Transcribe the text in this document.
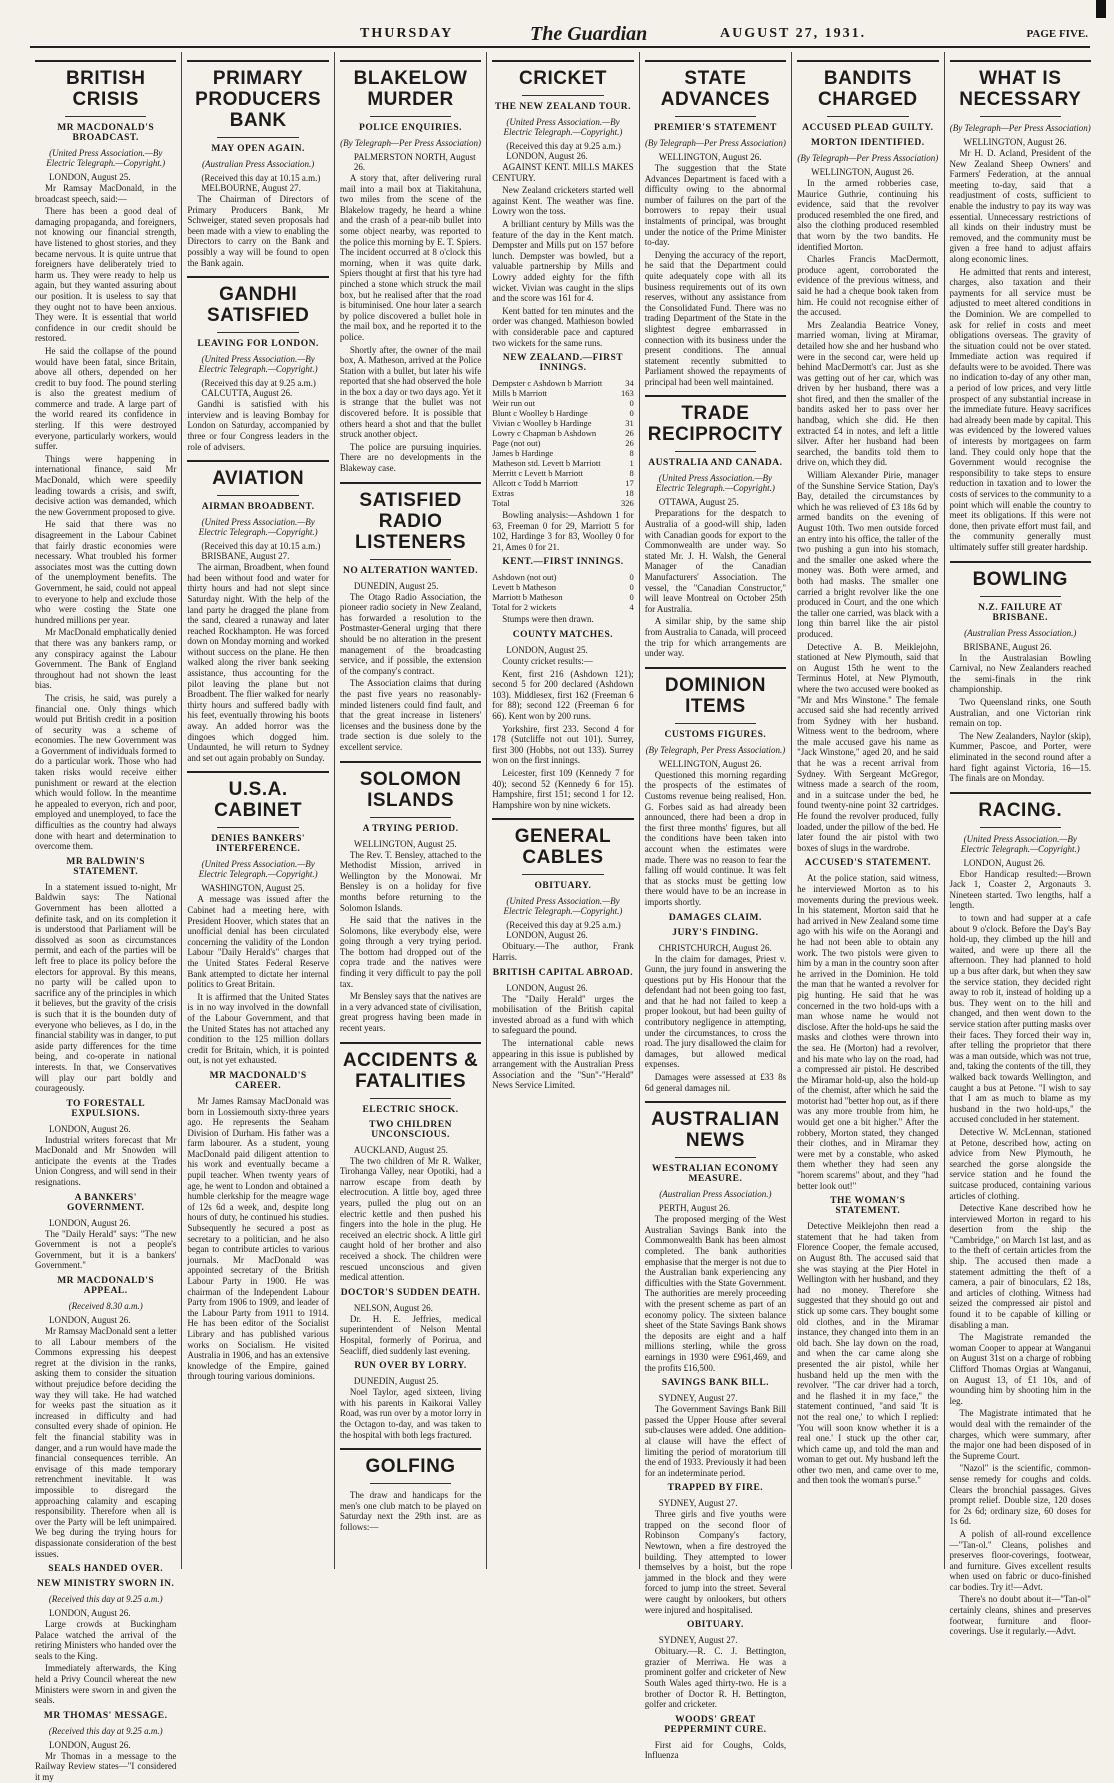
THURSDAY	The Guardian	AUGUST 27, 1931.	PAGE FIVE.
BRITISH CRISIS
MR MACDONALD'S BROADCAST.
(United Press Association.—By Electric Telegraph.—Copyright.)
LONDON, August 25.

Mr Ramsay MacDonald, in the broadcast speech, said:—

There has been a good deal of damaging propaganda, and foreigners, not knowing our financial strength, have listened to ghost stories, and they became nervous. It is quite untrue that foreigners have deliberately tried to harm us. They were ready to help us again, but they wanted assuring about our position. It is useless to say that they ought not to have been anxious. They were. It is essential that world confidence in our credit should be restored.

He said the collapse of the pound would have been fatal, since Britain, above all others, depended on her credit to buy food. The pound sterling is also the greatest medium of commerce and trade. A large part of the world reared its confidence in sterling. If this were destroyed everyone, particularly workers, would suffer.

Things were happening in international finance, said Mr MacDonald, which were speedily leading towards a crisis, and swift, decisive action was demanded, which the new Government proposed to give.

He said that there was no disagreement in the Labour Cabinet that fairly drastic economies were necessary. What troubled his former associates most was the cutting down of the unemployment benefits. The Government, he said, could not appeal to everyone to help and exclude those who were costing the State one hundred millions per year.

Mr MacDonald emphatically denied that there was any bankers ramp, or any conspiracy against the Labour Government. The Bank of England throughout had not shown the least bias.

The crisis, he said, was purely a financial one. Only things which would put British credit in a position of security was a scheme of economies. The new Government was a Government of individuals formed to do a particular work. Those who had taken risks would receive either punishment or reward at the election which would follow. In the meantime he appealed to everyon, rich and poor, employed and unemployed, to face the difficulties as the country had always done with heart and determination to overcome them.

MR BALDWIN'S STATEMENT.

In a statement issued to-night, Mr Baldwin says: The National Government has been allotted a definite task, and on its completion it is understood that Parliament will be dissolved as soon as circumstances permit, and each of the parties will be left free to place its policy before the electors for approval. By this means, no party will be called upon to sacrifice any of the principles in which it believes, but the gravity of the crisis is such that it is the bounden duty of everyone who believes, as I do, in the financial stability was in danger, to put aside party differences for the time being, and co-operate in national interests. In that, we Conservatives will play our part boldly and courageously.

TO FORESTALL EXPULSIONS.
LONDON, August 26.

Industrial writers forecast that Mr MacDonald and Mr Snowden will anticipate the events at the Trades Union Congress, and will send in their resignations.

A BANKERS' GOVERNMENT.
LONDON, August 26.

The "Daily Herald" says: "The new Government is not a people's Government, but it is a bankers' Government."

MR MACDONALD'S APPEAL.
(Received 8.30 a.m.)
LONDON, August 26.

Mr Ramsay MacDonald sent a letter to all Labour members of the Commons expressing his deepest regret at the division in the ranks, asking them to consider the situation without prejudice before deciding the way they will take. He had watched for weeks past the situation as it increased in difficulty and had consulted every shade of opinion. He felt the financial stability was in danger, and a run would have made the financial consequences terrible. An envisage of this made temporary retrenchment inevitable. It was impossible to disregard the approaching calamity and escaping responsibility. Therefore when all is over the Party will be left unimpaired. We beg during the trying hours for dispassionate consideration of the best issues.

SEALS HANDED OVER.
NEW MINISTRY SWORN IN.
(Received this day at 9.25 a.m.)
LONDON, August 26.

Large crowds at Buckingham Palace watched the arrival of the retiring Ministers who handed over the seals to the King.

Immediately afterwards, the King held a Privy Council whereat the new Ministers were sworn in and given the seals.

MR THOMAS' MESSAGE.
(Received this day at 9.25 a.m.)
LONDON, August 26.

Mr Thomas in a message to the Railway Review states—"I considered it my

PRIMARY PRODUCERS BANK
MAY OPEN AGAIN.
(Australian Press Association.)
(Received this day at 10.15 a.m.) MELBOURNE, August 27.

The Chairman of Directors of Primary Producers Bank, Mr Schweiger, stated seven proposals had been made with a view to enabling the Directors to carry on the Bank and possibly a way will be found to open the Bank again.

GANDHI SATISFIED
LEAVING FOR LONDON.
(United Press Association.—By Electric Telegraph.—Copyright.)
(Received this day at 9.25 a.m.) CALCUTTA, August 26.

Gandhi is satisfied with his interview and is leaving Bombay for London on Saturday, accompanied by three or four Congress leaders in the role of advisers.

AVIATION
AIRMAN BROADBENT.
(United Press Association.—By Electric Telegraph.—Copyright.)
(Received this day at 10.15 a.m.) BRISBANE, August 27.

The airman, Broadbent, when found had been without food and water for thirty hours and had not slept since Saturday night. With the help of the land party he dragged the plane from the sand, cleared a runaway and later reached Rockhampton. He was forced down on Monday morning and worked without success on the plane. He then walked along the river bank seeking assistance, thus accounting for the pilot leaving the plane but not Broadbent. The flier walked for nearly thirty hours and suffered badly with his feet, eventually throwing his boots away. An added horror was the dingoes which dogged him. Undaunted, he will return to Sydney and set out again probably on Sunday.

U.S.A. CABINET
DENIES BANKERS' INTERFERENCE.
(United Press Association.—By Electric Telegraph.—Copyright.)
WASHINGTON, August 25.

A message was issued after the Cabinet had a meeting here, with President Hoover, which states that an unofficial denial has been circulated concerning the validity of the London Labour "Daily Herald's" charges that the United States Federal Reserve Bank attempted to dictate her internal politics to Great Britain.

It is affirmed that the United States is in no way involved in the downfall of the Labour Government, and that the United States has not attached any condition to the 125 million dollars credit for Britain, which, it is pointed out, is not yet exhausted.

MR MACDONALD'S CAREER.

Mr James Ramsay MacDonald was born in Lossiemouth sixty-three years ago. He represents the Seaham Division of Durham. His father was a farm labourer. As a student, young MacDonald paid diligent attention to his work and eventually became a pupil teacher. When twenty years of age, he went to London and obtained a humble clerkship for the meagre wage of 12s 6d a week, and, despite long hours of duty, he continued his studies. Subsequently he secured a post as secretary to a politician, and he also began to contribute articles to various journals. Mr MacDonald was appointed secretary of the British Labour Party in 1900. He was chairman of the Independent Labour Party from 1906 to 1909, and leader of the Labour Party from 1911 to 1914. He has been editor of the Socialist Library and has published various works on Socialism. He visited Australia in 1906, and has an extensive knowledge of the Empire, gained through touring various dominions.

BLAKELOW MURDER
POLICE ENQUIRIES.
(By Telegraph—Per Press Association)
PALMERSTON NORTH, August 26.

A story that, after delivering rural mail into a mail box at Tiakitahuna, two miles from the scene of the Blakelow tragedy, he heard a whine and the crash of a pear-nib bullet into some object nearby, was reported to the police this morning by E. T. Spiers. The incident occurred at 8 o'clock this morning, when it was quite dark. Spiers thought at first that his tyre had pinched a stone which struck the mail box, but he realised after that the road is bituminised. One hour later a search by police discovered a bullet hole in the mail box, and he reported it to the police.

Shortly after, the owner of the mail box, A. Matheson, arrived at the Police Station with a bullet, but later his wife reported that she had observed the hole in the box a day or two days ago. Yet it is strange that the bullet was not discovered before. It is possible that others heard a shot and that the bullet struck another object.

The police are pursuing inquiries. There are no developments in the Blakeway case.

SATISFIED RADIO LISTENERS
NO ALTERATION WANTED.
DUNEDIN, August 25.

The Otago Radio Association, the pioneer radio society in New Zealand, has forwarded a resolution to the Postmaster-General urging that there should be no alteration in the present management of the broadcasting service, and if possible, the extension of the company's contract.

The Association claims that during the past five years no reasonably-minded listeners could find fault, and that the great increase in listeners' licenses and the business done by the trade section is due solely to the excellent service.

SOLOMON ISLANDS
A TRYING PERIOD.
WELLINGTON, August 25.

The Rev. T. Bensley, attached to the Methodist Mission, arrived in Wellington by the Monowai. Mr Bensley is on a holiday for five months before returning to the Solomon Islands.

He said that the natives in the Solomons, like everybody else, were going through a very trying period. The bottom had dropped out of the copra trade and the natives were finding it very difficult to pay the poll tax.

Mr Bensley says that the natives are in a very advanced state of civilisation, great progress having been made in recent years.

ACCIDENTS & FATALITIES
ELECTRIC SHOCK.
TWO CHILDREN UNCONSCIOUS.
AUCKLAND, August 25.

The two children of Mr R. Walker, Tirohanga Valley, near Opotiki, had a narrow escape from death by electrocution. A little boy, aged three years, pulled the plug out on an electric kettle and then pushed his fingers into the hole in the plug. He received an electric shock. A little girl caught hold of her brother and also received a shock. The children were rescued unconscious and given medical attention.

DOCTOR'S SUDDEN DEATH.
NELSON, August 26.

Dr. H. E. Jeffries, medical superintendent of Nelson Mental Hospital, formerly of Porirua, and Seacliff, died suddenly last evening.

RUN OVER BY LORRY.
DUNEDIN, August 25.

Noel Taylor, aged sixteen, living with his parents in Kaikorai Valley Road, was run over by a motor lorry in the Octagon to-day, and was taken to the hospital with both legs fractured.

GOLFING

The draw and handicaps for the men's one club match to be played on Saturday next the 29th inst. are as follows:—

CRICKET
THE NEW ZEALAND TOUR.
(United Press Association.—By Electric Telegraph.—Copyright.)
(Received this day at 9.25 a.m.) LONDON, August 26.

AGAINST KENT. MILLS MAKES CENTURY.

New Zealand cricketers started well against Kent. The weather was fine. Lowry won the toss.

A brilliant century by Mills was the feature of the day in the Kent match. Dempster and Mills put on 157 before lunch. Dempster was bowled, but a valuable partnership by Mills and Lowry added eighty for the fifth wicket. Vivian was caught in the slips and the score was 161 for 4.

Kent batted for ten minutes and the order was changed. Mathieson bowled with considerable pace and captured two wickets for the same runs.

NEW ZEALAND.—FIRST INNINGS.
Dempster c Ashdown b Marriott	34
Mills b Marriott	163
Weir run out	0
Blunt c Woolley b Hardinge	0
Vivian c Woolley b Hardinge	31
Lowry c Chapman b Ashdown	26
Page (not out)	26
James b Hardinge	8
Matheson std. Levett b Marriott	1
Merritt c Levett b Marriott	8
Allcott c Todd b Marriott	17
Extras	18
Total	326

Bowling analysis:—Ashdown 1 for 63, Freeman 0 for 29, Marriott 5 for 102, Hardinge 3 for 83, Woolley 0 for 21, Ames 0 for 21.

KENT.—FIRST INNINGS.
Ashdown (not out)	0
Levett b Matheson	0
Marriott b Matheson	0
Total for 2 wickets	4

Stumps were then drawn.

COUNTY MATCHES.
LONDON, August 25.

County cricket results:—

Kent, first 216 (Ashdown 121); second 5 for 200 declared (Ashdown 103). Middlesex, first 162 (Freeman 6 for 88); second 122 (Freeman 6 for 66). Kent won by 200 runs.

Yorkshire, first 233. Second 4 for 178 (Sutcliffe not out 101). Surrey, first 300 (Hobbs, not out 133). Surrey won on the first innings.

Leicester, first 109 (Kennedy 7 for 40); second 52 (Kennedy 6 for 15). Hampshire, first 151; second 1 for 12. Hampshire won by nine wickets.

GENERAL CABLES
OBITUARY.
(United Press Association.—By Electric Telegraph.—Copyright.)
(Received this day at 9.25 a.m.) LONDON, August 26.

Obituary.—The author, Frank Harris.

BRITISH CAPITAL ABROAD.
LONDON, August 26.

The "Daily Herald" urges the mobilisation of the British capital invested abroad as a fund with which to safeguard the pound.

The international cable news appearing in this issue is published by arrangement with the Australian Press Association and the "Sun"-"Herald" News Service Limited.

STATE ADVANCES
PREMIER'S STATEMENT
(By Telegraph—Per Press Association)
WELLINGTON, August 26.

The suggestion that the State Advances Department is faced with a difficulty owing to the abnormal number of failures on the part of the borrowers to repay their usual instalments of principal, was brought under the notice of the Prime Minister to-day.

Denying the accuracy of the report, he said that the Department could quite adequately cope with all its business requirements out of its own reserves, without any assistance from the Consolidated Fund. There was no trading Department of the State in the slightest degree embarrassed in connection with its business under the present conditions. The annual statement recently submitted to Parliament showed the repayments of principal had been well maintained.

TRADE RECIPROCITY
AUSTRALIA AND CANADA.
(United Press Association.—By Electric Telegraph.—Copyright.)
OTTAWA, August 25.

Preparations for the despatch to Australia of a good-will ship, laden with Canadian goods for export to the Commonwealth are under way. So stated Mr. J. H. Walsh, the General Manager of the Canadian Manufacturers' Association. The vessel, the "Canadian Constructor," will leave Montreal on October 25th for Australia.

A similar ship, by the same ship from Australia to Canada, will proceed the trip for which arrangements are under way.

DOMINION ITEMS
CUSTOMS FIGURES.
(By Telegraph, Per Press Association.)
WELLINGTON, August 26.

Questioned this morning regarding the prospects of the estimates of Customs revenue being realised, Hon. G. Forbes said as had already been announced, there had been a drop in the first three months' figures, but all the conditions have been taken into account when the estimates were made. There was no reason to fear the falling off would continue. It was felt that as stocks must be getting low there would have to be an increase in imports shortly.

DAMAGES CLAIM.
JURY'S FINDING.
CHRISTCHURCH, August 26.

In the claim for damages, Priest v. Gunn, the jury found in answering the questions put by His Honour that the defendant had not been going too fast, and that he had not failed to keep a proper lookout, but had been guilty of contributory negligence in attempting, under the circumstances, to cross the road. The jury disallowed the claim for damages, but allowed medical expenses.

Damages were assessed at £33 8s 6d general damages nil.

AUSTRALIAN NEWS
WESTRALIAN ECONOMY MEASURE.
(Australian Press Association.)
PERTH, August 26.

The proposed merging of the West Australian Savings Bank into the Commonwealth Bank has been almost completed. The bank authorities emphasise that the merger is not due to the Australian bank experiencing any difficulties with the State Government. The authorities are merely proceeding with the present scheme as part of an economy policy. The sixteen balance sheet of the State Savings Bank shows the deposits are eight and a half millions sterling, while the gross earnings in 1930 were £961,469, and the profits £16,500.

SAVINGS BANK BILL.
SYDNEY, August 27.

The Government Savings Bank Bill passed the Upper House after several sub-clauses were added. One addition-al clause will have the effect of limiting the period of moratorium till the end of 1933. Previously it had been for an indeterminate period.

TRAPPED BY FIRE.
SYDNEY, August 27.

Three girls and five youths were trapped on the second floor of Robinson Company's factory, Newtown, when a fire destroyed the building. They attempted to lower themselves by a hoist, but the rope jammed in the block and they were forced to jump into the street. Several were caught by onlookers, but others were injured and hospitalised.

OBITUARY.
SYDNEY, August 27.

Obituary.—R. C. J. Bettington, grazier of Merriwa. He was a prominent golfer and cricketer of New South Wales aged thirty-two. He is a brother of Doctor R. H. Bettington, golfer and cricketer.

WOODS' GREAT PEPPERMINT CURE.

First aid for Coughs, Colds, Influenza

BANDITS CHARGED
ACCUSED PLEAD GUILTY.
MORTON IDENTIFIED.
(By Telegraph—Per Press Association)
WELLINGTON, August 26.

In the armed robberies case, Maurice Guthrie, continuing his evidence, said that the revolver produced resembled the one fired, and also the clothing produced resembled that worn by the two bandits. He identified Morton.

Charles Francis MacDermott, produce agent, corroborated the evidence of the previous witness, and said he had a cheque book taken from him. He could not recognise either of the accused.

Mrs Zealandia Beatrice Voney, married woman, living at Miramar, detailed how she and her husband who were in the second car, were held up behind MacDermott's car. Just as she was getting out of her car, which was driven by her husband, there was a shot fired, and then the smaller of the bandits asked her to pass over her handbag, which she did. He then extracted £4 in notes, and left a little silver. After her husband had been searched, the bandits told them to drive on, which they did.

William Alexander Pirie, manager of the Sunshine Service Station, Day's Bay, detailed the circumstances by which he was relieved of £3 18s 6d by armed bandits on the evening of August 10th. Two men outside forced an entry into his office, the taller of the two pushing a gun into his stomach, and the smaller one asked where the money was. Both were armed, and both had masks. The smaller one carried a bright revolver like the one produced in Court, and the one which the taller one carried, was black with a long thin barrel like the air pistol produced.

Detective A. B. Meiklejohn, stationed at New Plymouth, said that on August 15th he went to the Terminus Hotel, at New Plymouth, where the two accused were booked as "Mr and Mrs Winstone." The female accused said she had recently arrived from Sydney with her husband. Witness went to the bedroom, where the male accused gave his name as "Jack Winstone," aged 20, and he said that he was a recent arrival from Sydney. With Sergeant McGregor, witness made a search of the room, and in a suitcase under the bed, he found twenty-nine point 32 cartridges. He found the revolver produced, fully loaded, under the pillow of the bed. He later found the air pistol with two boxes of slugs in the wardrobe.

ACCUSED'S STATEMENT.

At the police station, said witness, he interviewed Morton as to his movements during the previous week. In his statement, Morton said that he had arrived in New Zealand some time ago with his wife on the Aorangi and he had not been able to obtain any work. The two pistols were given to him by a man in the country soon after he arrived in the Dominion. He told the man that he wanted a revolver for pig hunting. He said that he was concerned in the two hold-ups with a man whose name he would not disclose. After the hold-ups he said the masks and clothes were thrown into the sea. He (Morton) had a revolver, and his mate who lay on the road, had a compressed air pistol. He described the Miramar hold-up, also the hold-up of the chemist, after which he said the motorist had "better hop out, as if there was any more trouble from him, he would get one a bit higher." After the robbery, Morton stated, they changed their clothes, and in Miramar they were met by a constable, who asked them whether they had seen any "horem scarems" about, and they "had better look out!"

THE WOMAN'S STATEMENT.

Detective Meiklejohn then read a statement that he had taken from Florence Cooper, the female accused, on August 8th. The accused said that she was staying at the Pier Hotel in Wellington with her husband, and they had no money. Therefore she suggested that they should go out and stick up some cars. They bought some old clothes, and in the Miramar instance, they changed into them in an old bach. She lay down on the road, and when the car came along she presented the air pistol, while her husband held up the men with the revolver. "The car driver had a torch, and he flashed it in my face," the statement continued, "and said 'It is not the real one,' to which I replied: 'You will soon know whether it is a real one.' I stuck up the other car, which came up, and told the man and woman to get out. My husband left the other two men, and came over to me, and then took the woman's purse."

WHAT IS NECESSARY
(By Telegraph—Per Press Association)
WELLINGTON, August 26.

Mr H. D. Acland, President of the New Zealand Sheep Owners' and Farmers' Federation, at the annual meeting to-day, said that a readjustment of costs, sufficient to enable the industry to pay its way was essential. Unnecessary restrictions of all kinds on their industry must be removed, and the community must be given a free hand to adjust affairs along economic lines.

He admitted that rents and interest, charges, also taxation and their payments for all service must be adjusted to meet altered conditions in the Dominion. We are compelled to ask for relief in costs and meet obligations overseas. The gravity of the situation could not be over stated. Immediate action was required if defaults were to be avoided. There was no indication to-day of any other man, a period of low prices, and very little prospect of any substantial increase in the immediate future. Heavy sacrifices had already been made by capital. This was evidenced by the lowered values of interests by mortgagees on farm land. They could only hope that the Government would recognise the responsibility to take steps to ensure reduction in taxation and to lower the costs of services to the community to a point which will enable the country to meet its obligations. If this were not done, then private effort must fail, and the community generally must ultimately suffer still greater hardship.

BOWLING
N.Z. FAILURE AT BRISBANE.
(Australian Press Association.)
BRISBANE, August 26.

In the Australasian Bowling Carnival, no New Zealanders reached the semi-finals in the rink championship.

Two Queensland rinks, one South Australian, and one Victorian rink remain on top.

The New Zealanders, Naylor (skip), Kummer, Pascoe, and Porter, were eliminated in the second round after a hard fight against Victoria, 16—15. The finals are on Monday.

RACING.
(United Press Association.—By Electric Telegraph.—Copyright.)
LONDON, August 26.

Ebor Handicap resulted:—Brown Jack 1, Coaster 2, Argonauts 3. Nineteen started. Two lengths, half a length.

to town and had supper at a cafe about 9 o'clock. Before the Day's Bay hold-up, they climbed up the hill and waited, and were up there all the afternoon. They had planned to hold up a bus after dark, but when they saw the service station, they decided right away to rob it, instead of holding up a bus. They went on to the hill and changed, and then went down to the service station after putting masks over their faces. They forced their way in, after telling the proprietor that there was a man outside, which was not true, and, taking the contents of the till, they walked back towards Wellington, and caught a bus at Petone. "I wish to say that I am as much to blame as my husband in the two hold-ups," the accused concluded in her statement.

Detective W. McLennan, stationed at Petone, described how, acting on advice from New Plymouth, he searched the gorse alongside the service station and he found the suitcase produced, containing various articles of clothing.

Detective Kane described how he interviewed Morton in regard to his desertion from the ship the "Cambridge," on March 1st last, and as to the theft of certain articles from the ship. The accused then made a statement admitting the theft of a camera, a pair of binoculars, £2 18s, and articles of clothing. Witness had seized the compressed air pistol and found it to be capable of killing or disabling a man.

The Magistrate remanded the woman Cooper to appear at Wanganui on August 31st on a charge of robbing Clifford Thomas Orgias at Wanganui, on August 13, of £1 10s, and of wounding him by shooting him in the leg.

The Magistrate intimated that he would deal with the remainder of the charges, which were summary, after the major one had been disposed of in the Supreme Court.

"Nazol" is the scientific, common-sense remedy for coughs and colds. Clears the bronchial passages. Gives prompt relief. Double size, 120 doses for 2s 6d; ordinary size, 60 doses for 1s 6d.

A polish of all-round excellence—"Tan-ol." Cleans, polishes and preserves floor-coverings, footwear, and furniture. Gives excellent results when used on fabric or duco-finished car bodies. Try it!—Advt.

There's no doubt about it—"Tan-ol" certainly cleans, shines and preserves footwear, furniture and floor-coverings. Use it regularly.—Advt.
